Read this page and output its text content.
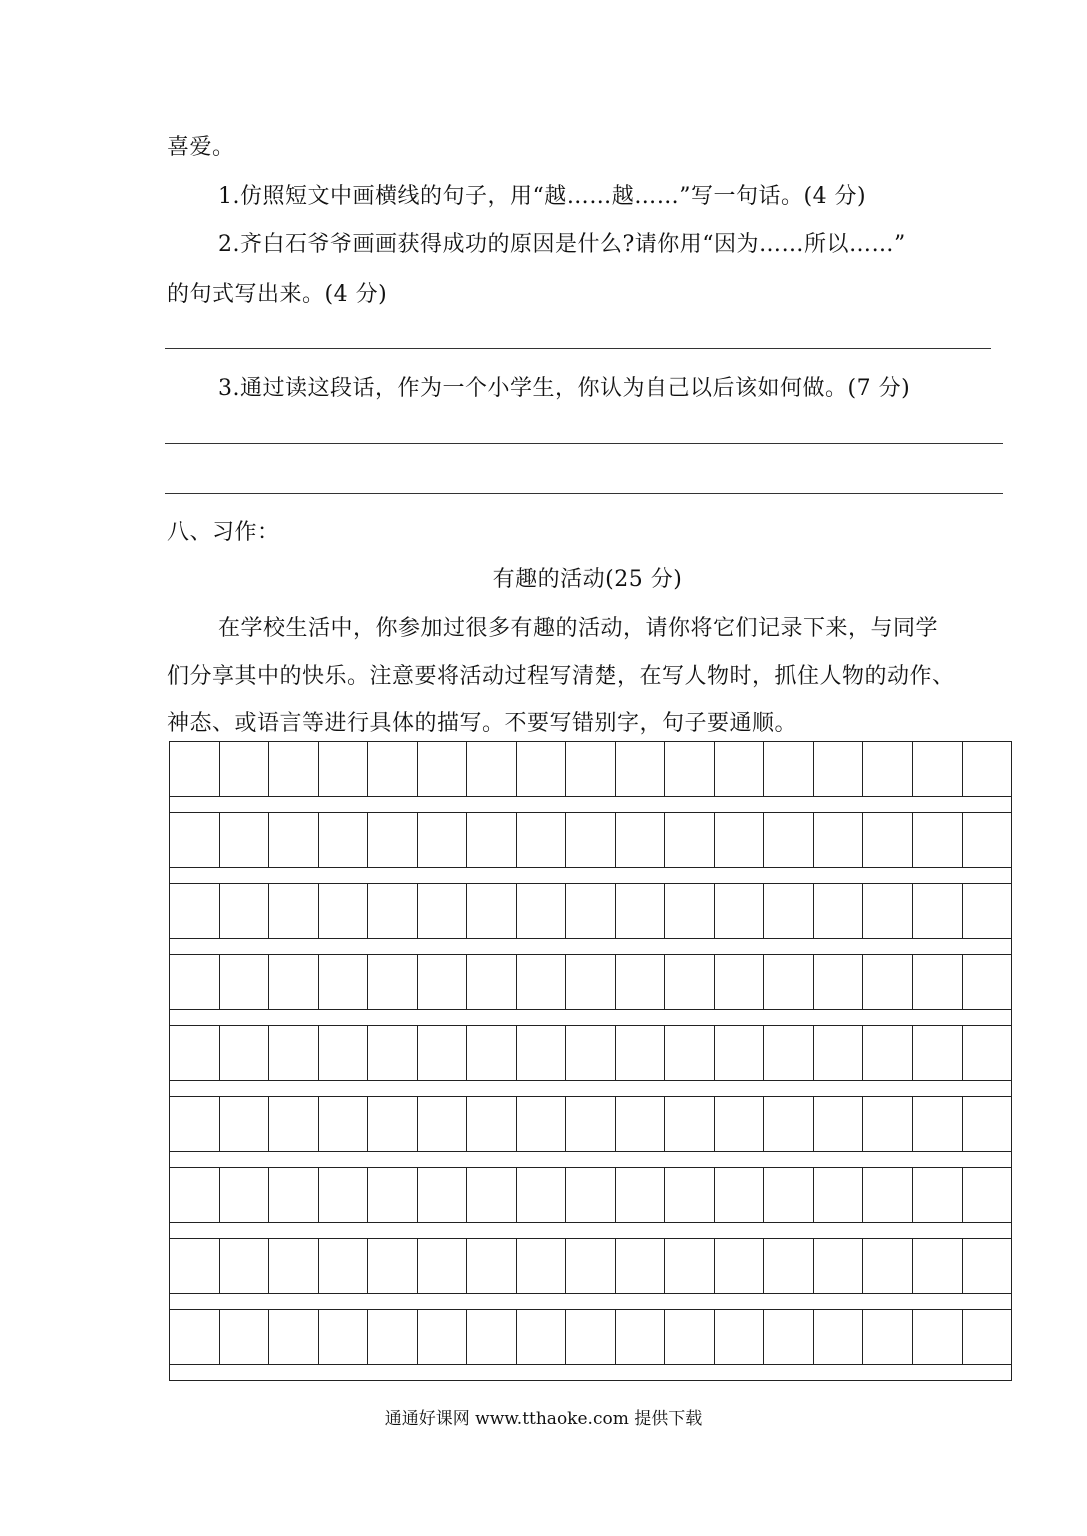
喜爱。
1.仿照短文中画横线的句子，用“越……越……”写一句话。(4 分)
2.齐白石爷爷画画获得成功的原因是什么?请你用“因为……所以……”
的句式写出来。(4 分)
3.通过读这段话，作为一个小学生，你认为自己以后该如何做。(7 分)
八、习作：
有趣的活动(25 分)
在学校生活中，你参加过很多有趣的活动，请你将它们记录下来，与同学
们分享其中的快乐。注意要将活动过程写清楚，在写人物时，抓住人物的动作、
神态、或语言等进行具体的描写。不要写错别字，句子要通顺。
通通好课网 www.tthaoke.com 提供下载
